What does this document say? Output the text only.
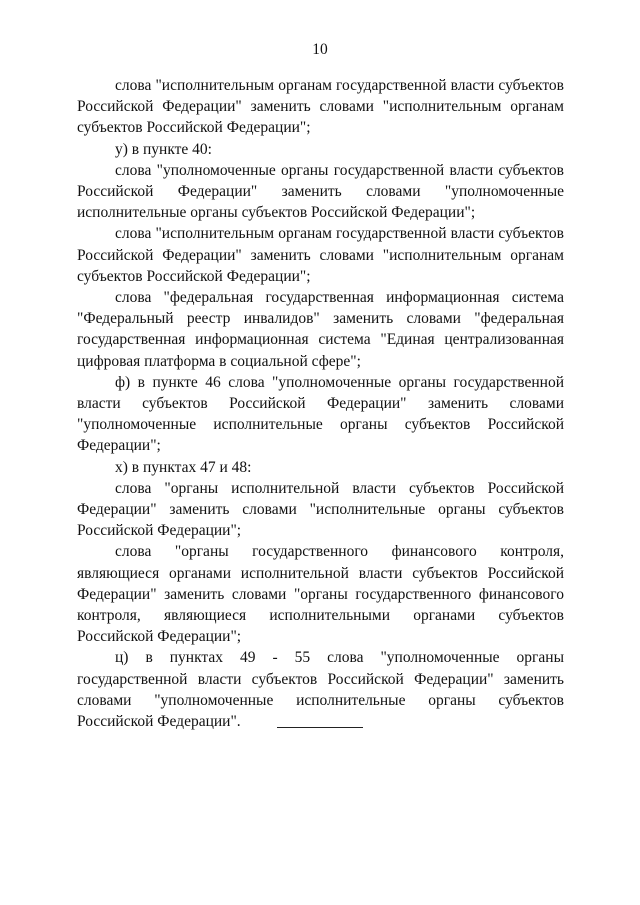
10

слова "исполнительным органам государственной власти субъектов Российской Федерации" заменить словами "исполнительным органам субъектов Российской Федерации";

у) в пункте 40:

слова "уполномоченные органы государственной власти субъектов Российской Федерации" заменить словами "уполномоченные исполнительные органы субъектов Российской Федерации";

слова "исполнительным органам государственной власти субъектов Российской Федерации" заменить словами "исполнительным органам субъектов Российской Федерации";

слова "федеральная государственная информационная система "Федеральный реестр инвалидов" заменить словами "федеральная государственная информационная система "Единая централизованная цифровая платформа в социальной сфере";

ф) в пункте 46 слова "уполномоченные органы государственной власти субъектов Российской Федерации" заменить словами "уполномоченные исполнительные органы субъектов Российской Федерации";

х) в пунктах 47 и 48:

слова "органы исполнительной власти субъектов Российской Федерации" заменить словами "исполнительные органы субъектов Российской Федерации";

слова "органы государственного финансового контроля, являющиеся органами исполнительной власти субъектов Российской Федерации" заменить словами "органы государственного финансового контроля, являющиеся исполнительными органами субъектов Российской Федерации";

ц) в пунктах 49 - 55 слова "уполномоченные органы государственной власти субъектов Российской Федерации" заменить словами "уполномоченные исполнительные органы субъектов Российской Федерации".
